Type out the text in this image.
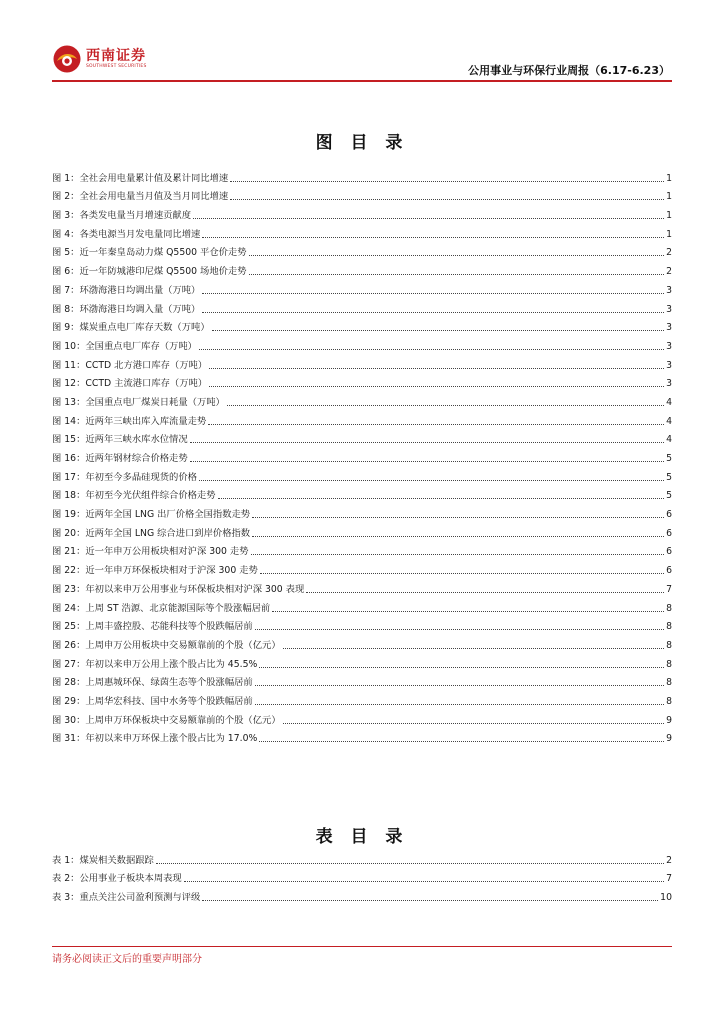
西南证券
SOUTHWEST SECURITIES	公用事业与环保行业周报（6.17-6.23）
图 目 录
图 1：全社会用电量累计值及累计同比增速	1
图 2：全社会用电量当月值及当月同比增速	1
图 3：各类发电量当月增速贡献度	1
图 4：各类电源当月发电量同比增速	1
图 5：近一年秦皇岛动力煤 Q5500 平仓价走势	2
图 6：近一年防城港印尼煤 Q5500 场地价走势	2
图 7：环渤海港日均调出量（万吨）	3
图 8：环渤海港日均调入量（万吨）	3
图 9：煤炭重点电厂库存天数（万吨）	3
图 10：全国重点电厂库存（万吨）	3
图 11：CCTD 北方港口库存（万吨）	3
图 12：CCTD 主流港口库存（万吨）	3
图 13：全国重点电厂煤炭日耗量（万吨）	4
图 14：近两年三峡出库入库流量走势	4
图 15：近两年三峡水库水位情况	4
图 16：近两年钢材综合价格走势	5
图 17：年初至今多晶硅现货的价格	5
图 18：年初至今光伏组件综合价格走势	5
图 19：近两年全国 LNG 出厂价格全国指数走势	6
图 20：近两年全国 LNG 综合进口到岸价格指数	6
图 21：近一年申万公用板块相对沪深 300 走势	6
图 22：近一年申万环保板块相对于沪深 300 走势	6
图 23：年初以来申万公用事业与环保板块相对沪深 300 表现	7
图 24：上周 ST 浩源、北京能源国际等个股涨幅居前	8
图 25：上周丰盛控股、芯能科技等个股跌幅居前	8
图 26：上周申万公用板块中交易额靠前的个股（亿元）	8
图 27：年初以来申万公用上涨个股占比为 45.5%	8
图 28：上周惠城环保、绿茵生态等个股涨幅居前	8
图 29：上周华宏科技、国中水务等个股跌幅居前	8
图 30：上周申万环保板块中交易额靠前的个股（亿元）	9
图 31：年初以来申万环保上涨个股占比为 17.0%	9
表 目 录
表 1：煤炭相关数据跟踪	2
表 2：公用事业子板块本周表现	7
表 3：重点关注公司盈利预测与评级	10
请务必阅读正文后的重要声明部分
